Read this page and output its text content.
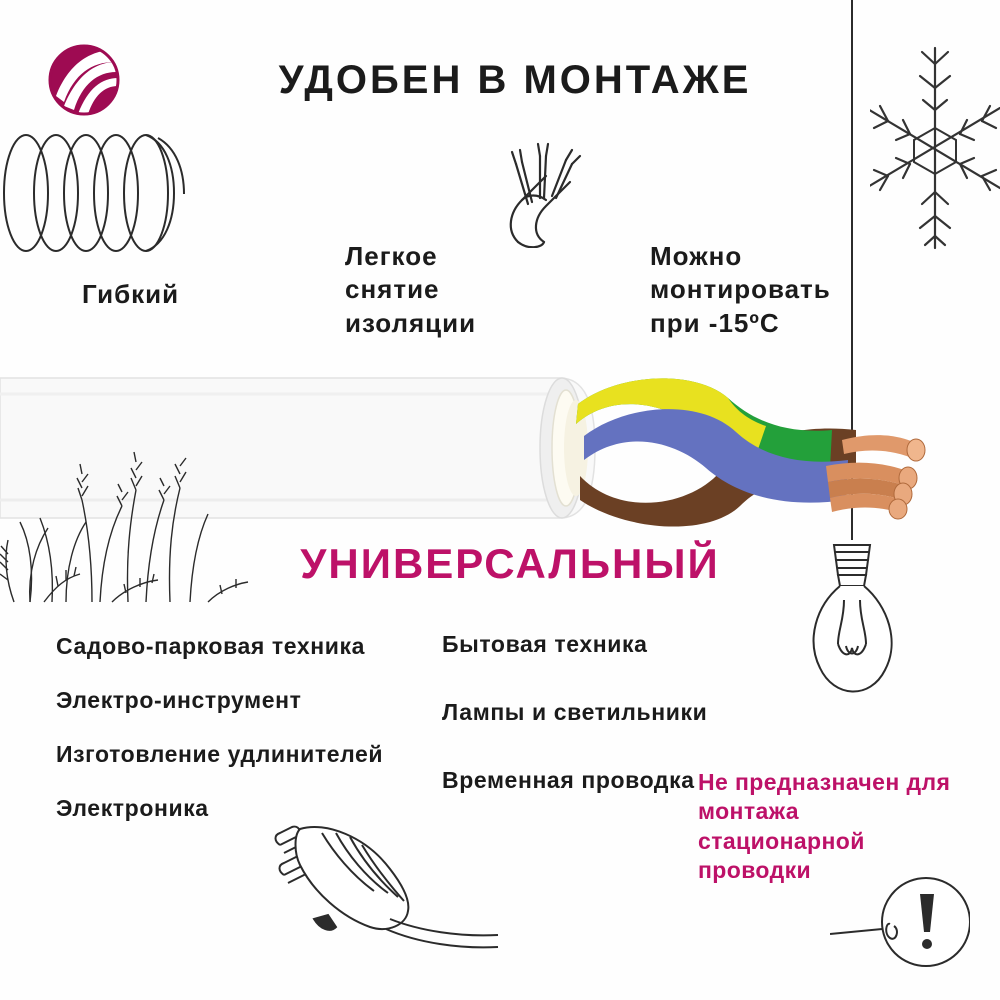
УДОБЕН В МОНТАЖЕ
Гибкий
Легкое
снятие
изоляции
Можно
монтировать
при -15ºC
УНИВЕРСАЛЬНЫЙ
Садово-парковая техника
Электро-инструмент
Изготовление удлинителей
Электроника
Бытовая техника
Лампы и светильники
Временная проводка Не предназначен для монтажа стационарной проводки
